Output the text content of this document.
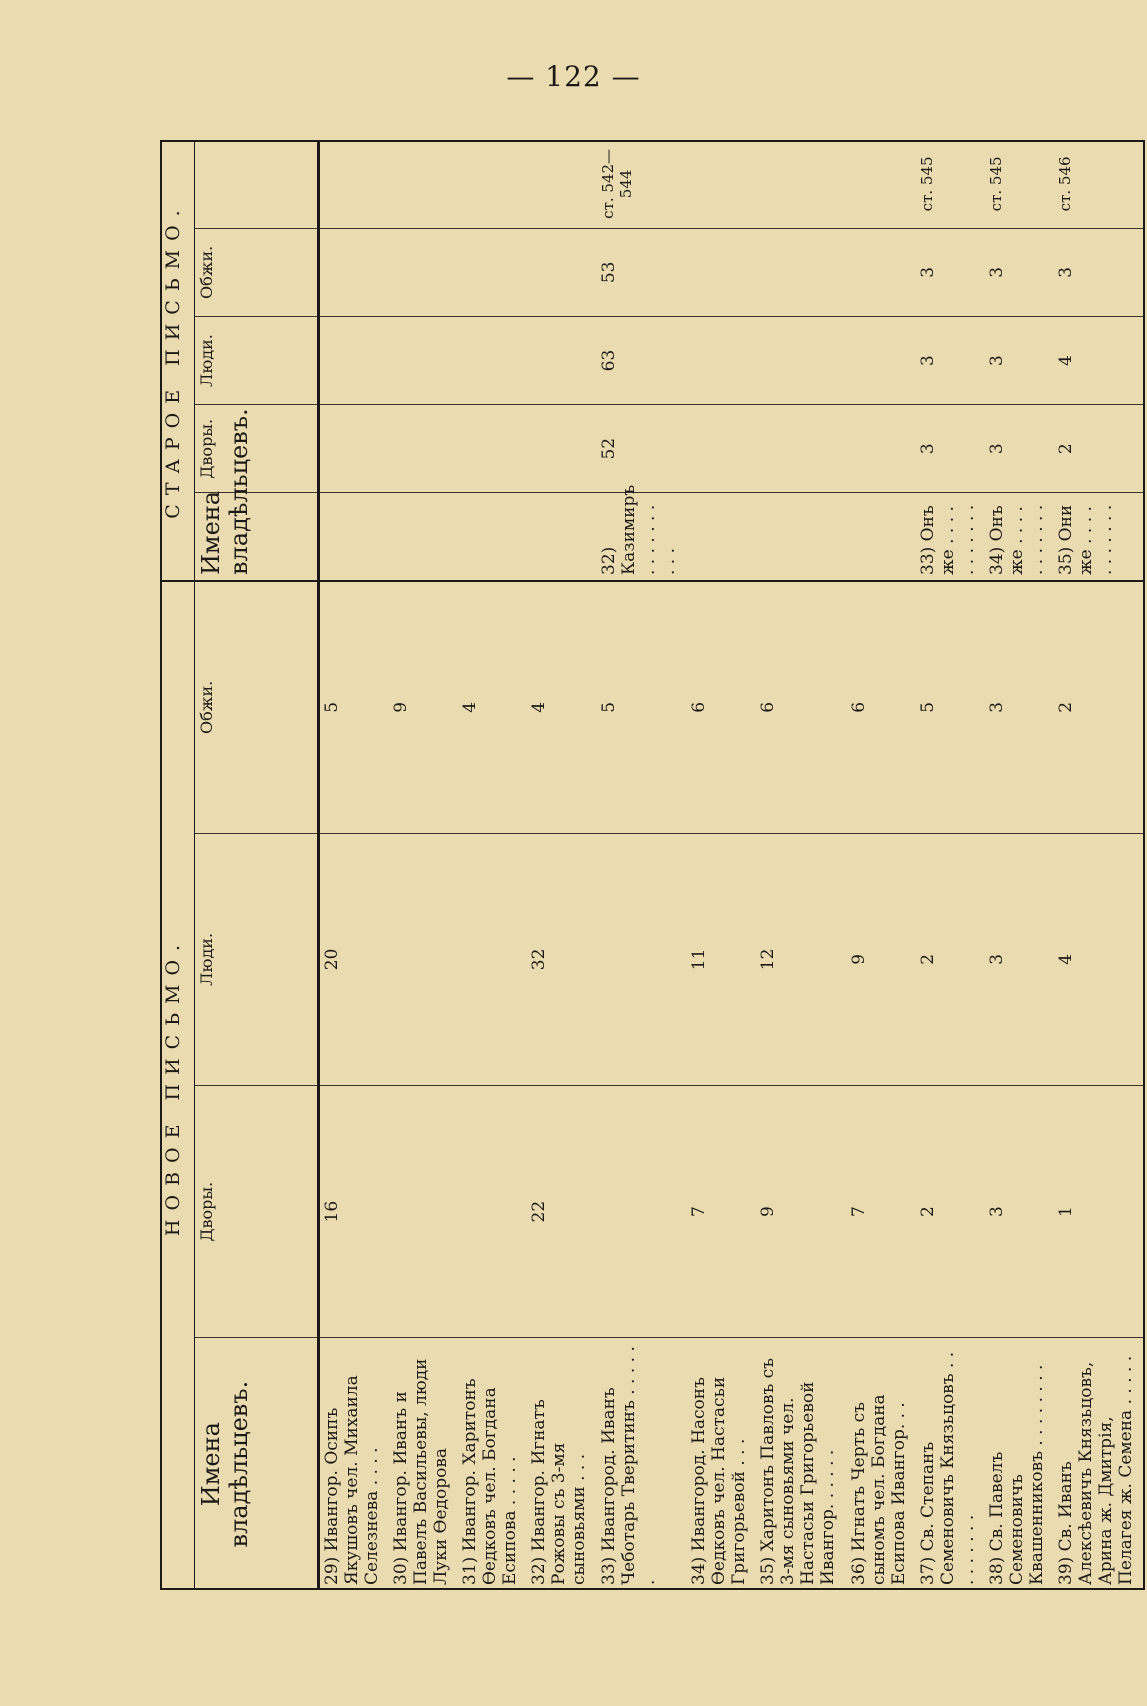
— 122 —
НОВОЕ ПИСЬМО.				СТАРОЕ ПИСЬМО.				
Имена владѣльцевъ.	Дворы.	Люди.	Обжи.	Имена владѣльцевъ.	Дворы.	Люди.	Обжи.	
29) Ивангор. Осипъ Якушовъ чел. Михаила Селезнева . . . .	16	20	5					
30) Ивангор. Иванъ и Павелъ Васильевы, люди Луки Ѳедорова			9					
31) Ивангор. Харитонъ Ѳедковъ чел. Богдана Есипова . . . . .			4					
32) Ивангор. Игнатъ Рожовы съ 3-мя сыновьями . . .	22	32	4					
33) Ивангород. Иванъ Чеботарь Тверитинъ . . . . . .			5	32) Казимиръ . . . . . . . . . .	52	63	53	ст. 542—544
34) Ивангород. Насонъ Ѳедковъ чел. Настасьи Григорьевой . . .	7	11	6					
35) Харитонъ Павловъ съ 3-мя сыновьями чел. Настасьи Григорьевой Ивангор. . . . . .	9	12	6					
36) Игнатъ Черть съ сыномъ чел. Богдана Есипова Ивангор. . .	7	9	6					
37) Св. Степанъ Семеновичъ Князьцовъ . . . . . . . . .	2	2	5	33) Онъ же . . . . . . . . . . .	3	3	3	ст. 545
38) Св. Павелъ Семеновичъ Квашенниковъ . . . . . . . .	3	3	3	34) Онъ же . . . . . . . . . . .	3	3	3	ст. 545
39) Св. Иванъ Алексѣевичъ Князьцовъ, Арина ж. Дмитрія, Пелагея ж. Семена . . . . .	1	4	2	35) Они же . . . . . . . . . . .	2	4	3	ст. 546
